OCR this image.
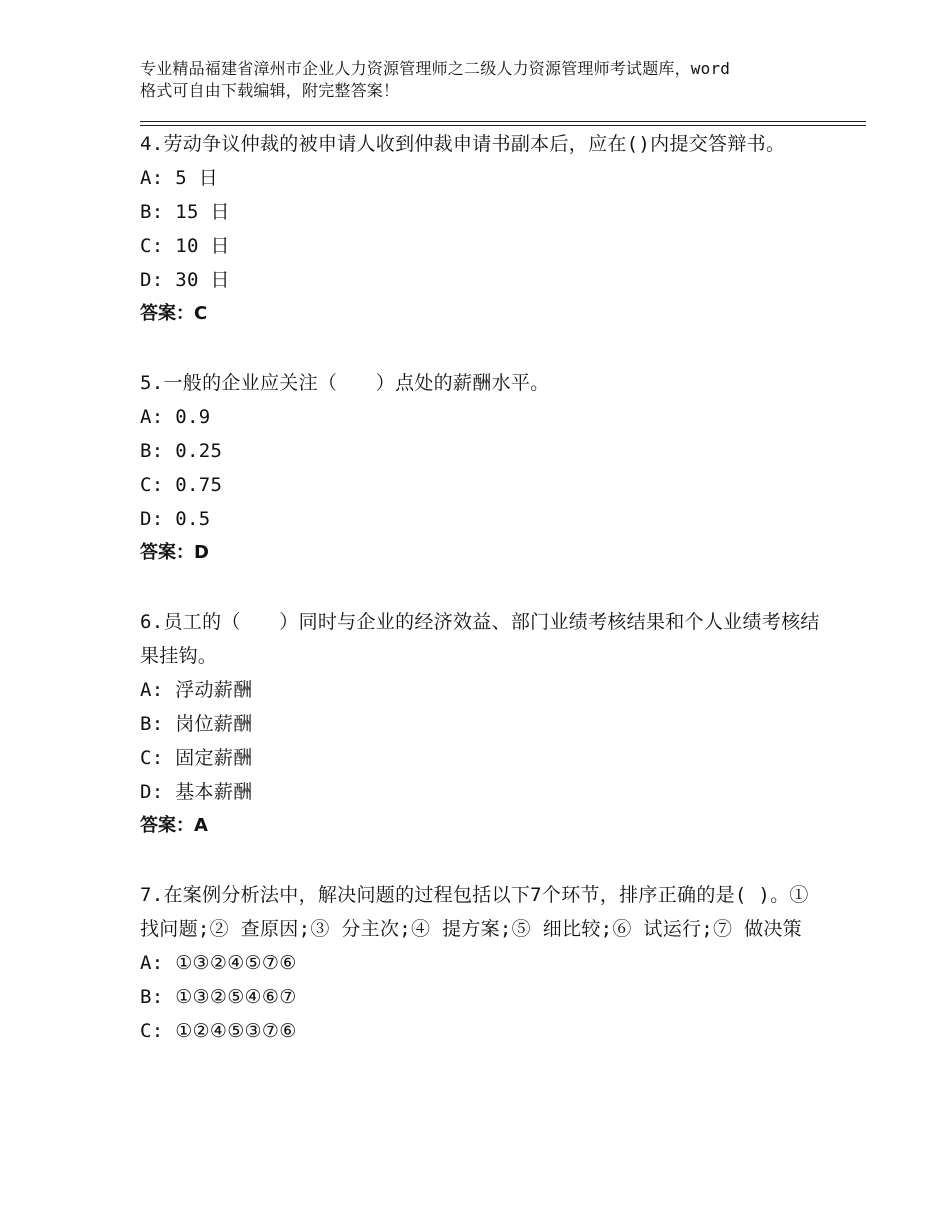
专业精品福建省漳州市企业人力资源管理师之二级人力资源管理师考试题库，word
格式可自由下载编辑，附完整答案！
4.劳动争议仲裁的被申请人收到仲裁申请书副本后，应在()内提交答辩书。
A: 5 日
B: 15 日
C: 10 日
D: 30 日
答案：C
5.一般的企业应关注（　　）点处的薪酬水平。
A: 0.9
B: 0.25
C: 0.75
D: 0.5
答案：D
6.员工的（　　）同时与企业的经济效益、部门业绩考核结果和个人业绩考核结果挂钩。
A: 浮动薪酬
B: 岗位薪酬
C: 固定薪酬
D: 基本薪酬
答案：A
7.在案例分析法中，解决问题的过程包括以下7个环节，排序正确的是( )。①找问题;② 查原因;③ 分主次;④ 提方案;⑤ 细比较;⑥ 试运行;⑦ 做决策
A: ①③②④⑤⑦⑥
B: ①③②⑤④⑥⑦
C: ①②④⑤③⑦⑥
